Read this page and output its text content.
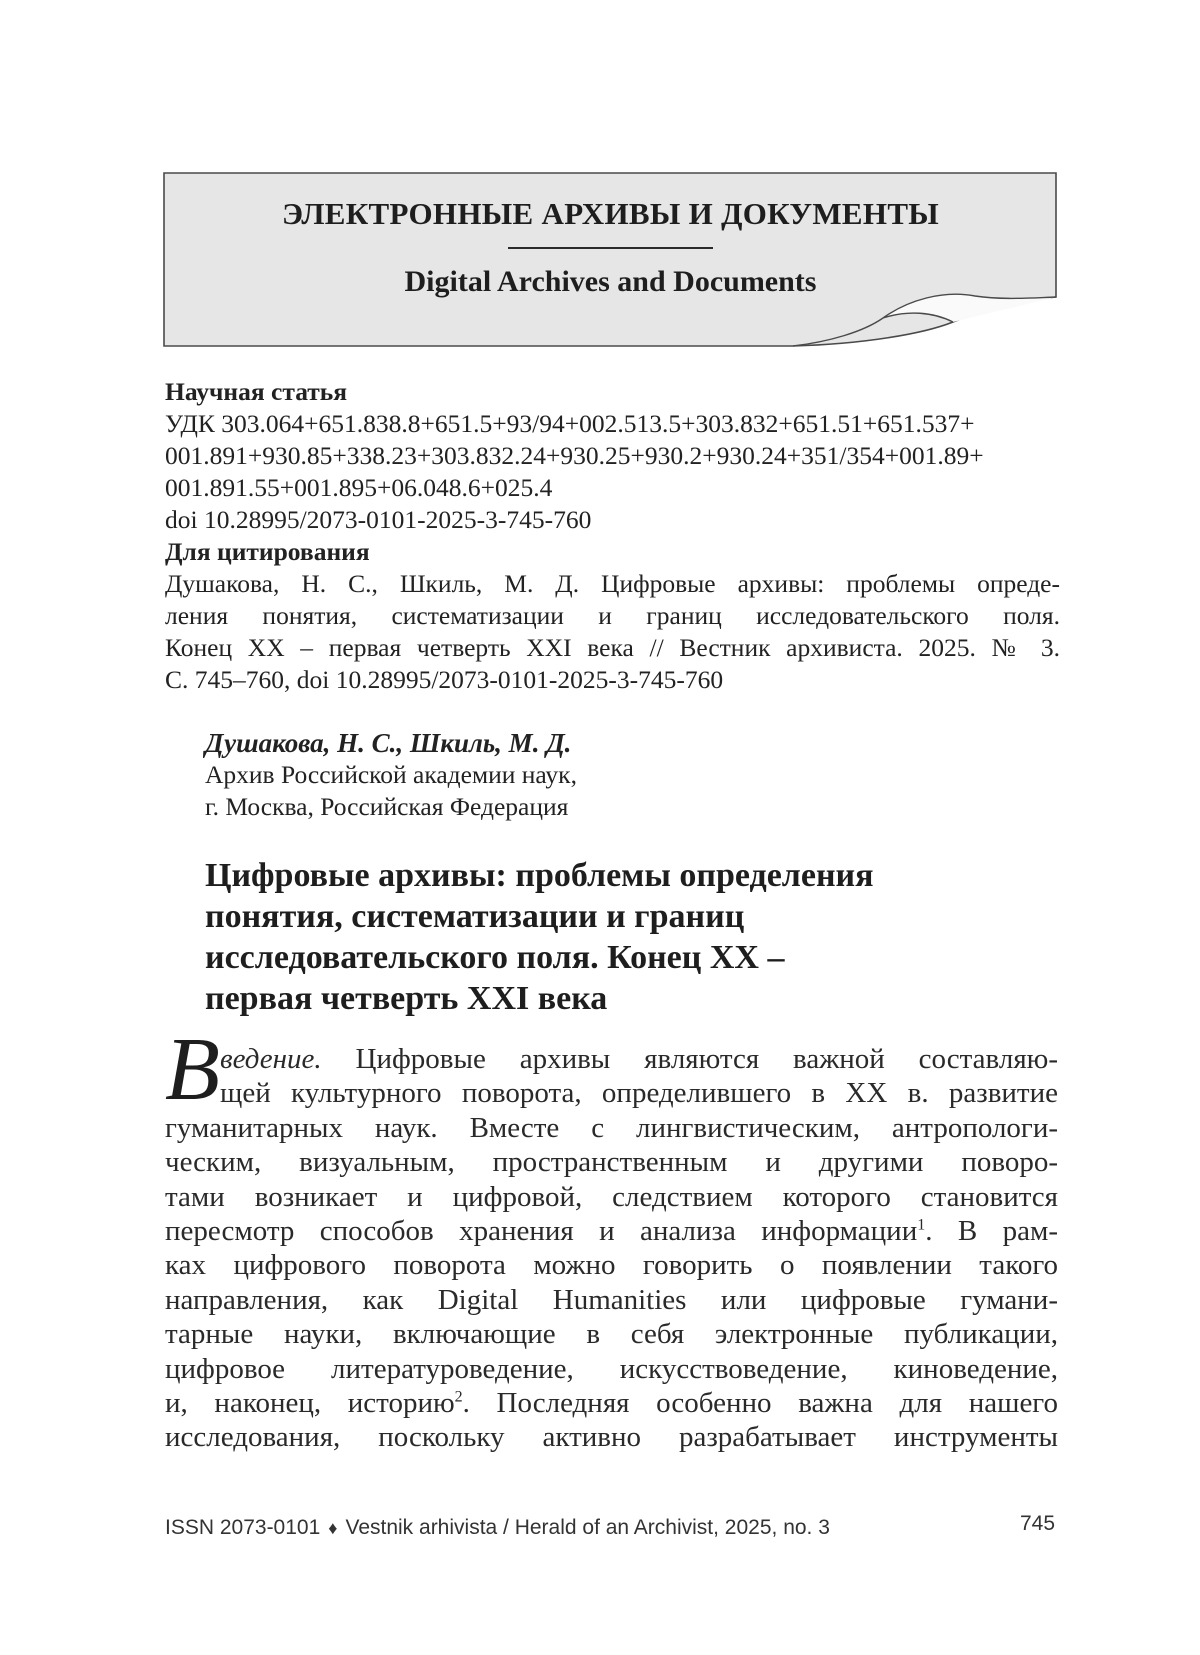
ЭЛЕКТРОННЫЕ АРХИВЫ И ДОКУМЕНТЫ
Digital Archives and Documents

Научная статья

УДК 303.064+651.838.8+651.5+93/94+002.513.5+303.832+651.51+651.537+

001.891+930.85+338.23+303.832.24+930.25+930.2+930.24+351/354+001.89+

001.891.55+001.895+06.048.6+025.4

doi 10.28995/2073-0101-2025-3-745-760

Для цитирования

Душакова, Н. С., Шкиль, М. Д. Цифровые архивы: проблемы опреде-

ления понятия, систематизации и границ исследовательского поля.

Конец XX – первая четверть XXI века // Вестник архивиста. 2025. № 3.

С. 745–760, doi 10.28995/2073-0101-2025-3-745-760

Душакова, Н. С., Шкиль, М. Д.

Архив Российской академии наук,

г. Москва, Российская Федерация

Цифровые архивы: проблемы определения
понятия, систематизации и границ
исследовательского поля. Конец XX –
первая четверть XXI века
В ведение. Цифровые архивы являются важной составляю-
щей культурного поворота, определившего в XX в. развитие
гуманитарных наук. Вместе с лингвистическим, антропологи-
ческим, визуальным, пространственным и другими поворо-
тами возникает и цифровой, следствием которого становится
пересмотр способов хранения и анализа информации$^1$. В рам-
ках цифрового поворота можно говорить о появлении такого
направления, как Digital Humanities или цифровые гумани-
тарные науки, включающие в себя электронные публикации,
цифровое литературоведение, искусствоведение, киноведение,
и, наконец, историю$^2$. Последняя особенно важна для нашего
исследования, поскольку активно разрабатывает инструменты
ISSN 2073-0101 ♦ Vestnik arhivista / Herald of an Archivist, 2025, no. 3	745
